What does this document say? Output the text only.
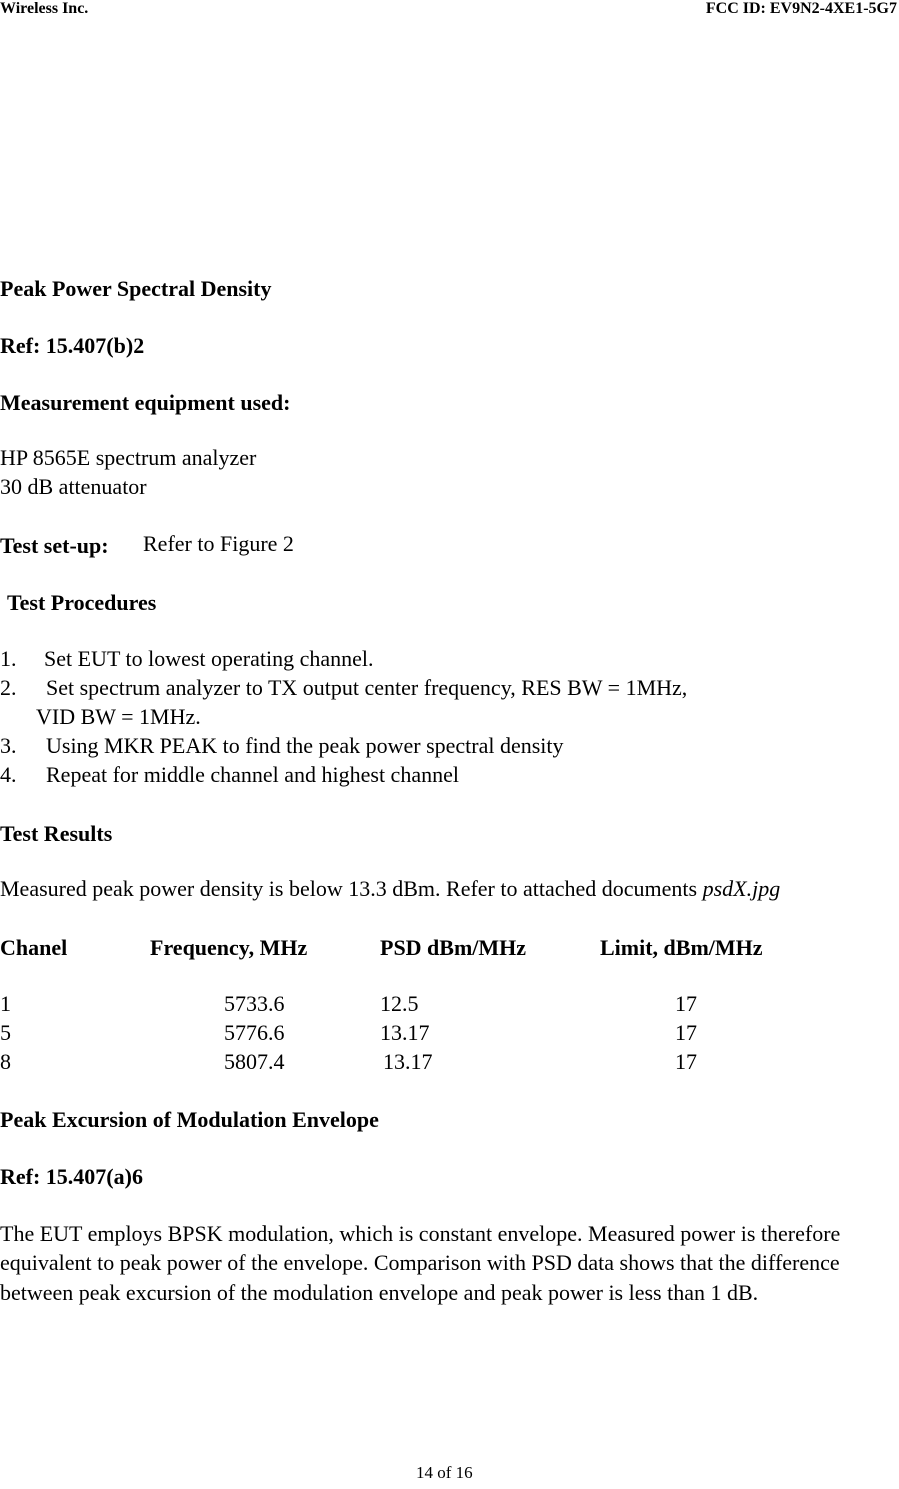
Wireless Inc.	FCC ID: EV9N2-4XE1-5G7
Peak Power Spectral Density
Ref: 15.407(b)2
Measurement equipment used:
HP 8565E spectrum analyzer
30 dB attenuator
Test set-up: Refer to Figure 2
Test Procedures
1. Set EUT to lowest operating channel.
2. Set spectrum analyzer to TX output center frequency, RES BW = 1MHz,
VID BW = 1MHz.
3. Using MKR PEAK to find the peak power spectral density
4. Repeat for middle channel and highest channel
Test Results
Measured peak power density is below 13.3 dBm. Refer to attached documents psdX.jpg
Chanel	Frequency, MHz	PSD dBm/MHz	Limit, dBm/MHz
1	5733.6	12.5	17
5	5776.6	13.17	17
8	5807.4	13.17	17
Peak Excursion of Modulation Envelope
Ref: 15.407(a)6
The EUT employs BPSK modulation, which is constant envelope. Measured power is therefore equivalent to peak power of the envelope. Comparison with PSD data shows that the difference between peak excursion of the modulation envelope and peak power is less than 1 dB.
14 of 16
